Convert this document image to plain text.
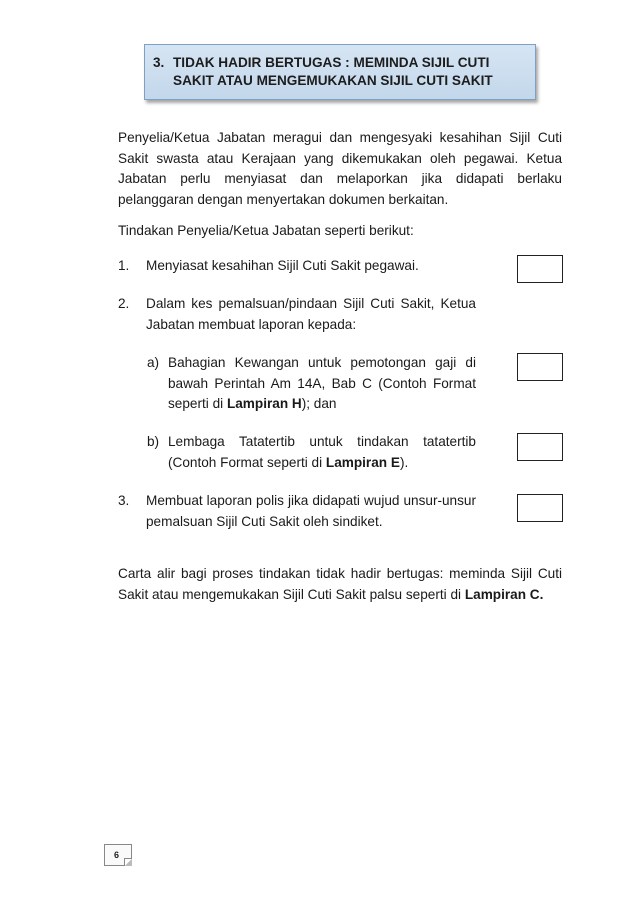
3. TIDAK HADIR BERTUGAS : MEMINDA SIJIL CUTI
SAKIT ATAU MENGEMUKAKAN SIJIL CUTI SAKIT
Penyelia/Ketua Jabatan meragui dan mengesyaki kesahihan Sijil Cuti Sakit swasta atau Kerajaan yang dikemukakan oleh pegawai. Ketua Jabatan perlu menyiasat dan melaporkan jika didapati berlaku pelanggaran dengan menyertakan dokumen berkaitan.
Tindakan Penyelia/Ketua Jabatan seperti berikut:
1. Menyiasat kesahihan Sijil Cuti Sakit pegawai.
2. Dalam kes pemalsuan/pindaan Sijil Cuti Sakit, Ketua Jabatan membuat laporan kepada:
a) Bahagian Kewangan untuk pemotongan gaji di bawah Perintah Am 14A, Bab C (Contoh Format seperti di Lampiran H); dan
b) Lembaga Tatatertib untuk tindakan tatatertib (Contoh Format seperti di Lampiran E).
3. Membuat laporan polis jika didapati wujud unsur-unsur pemalsuan Sijil Cuti Sakit oleh sindiket.
Carta alir bagi proses tindakan tidak hadir bertugas: meminda Sijil Cuti Sakit atau mengemukakan Sijil Cuti Sakit palsu seperti di Lampiran C.
6
